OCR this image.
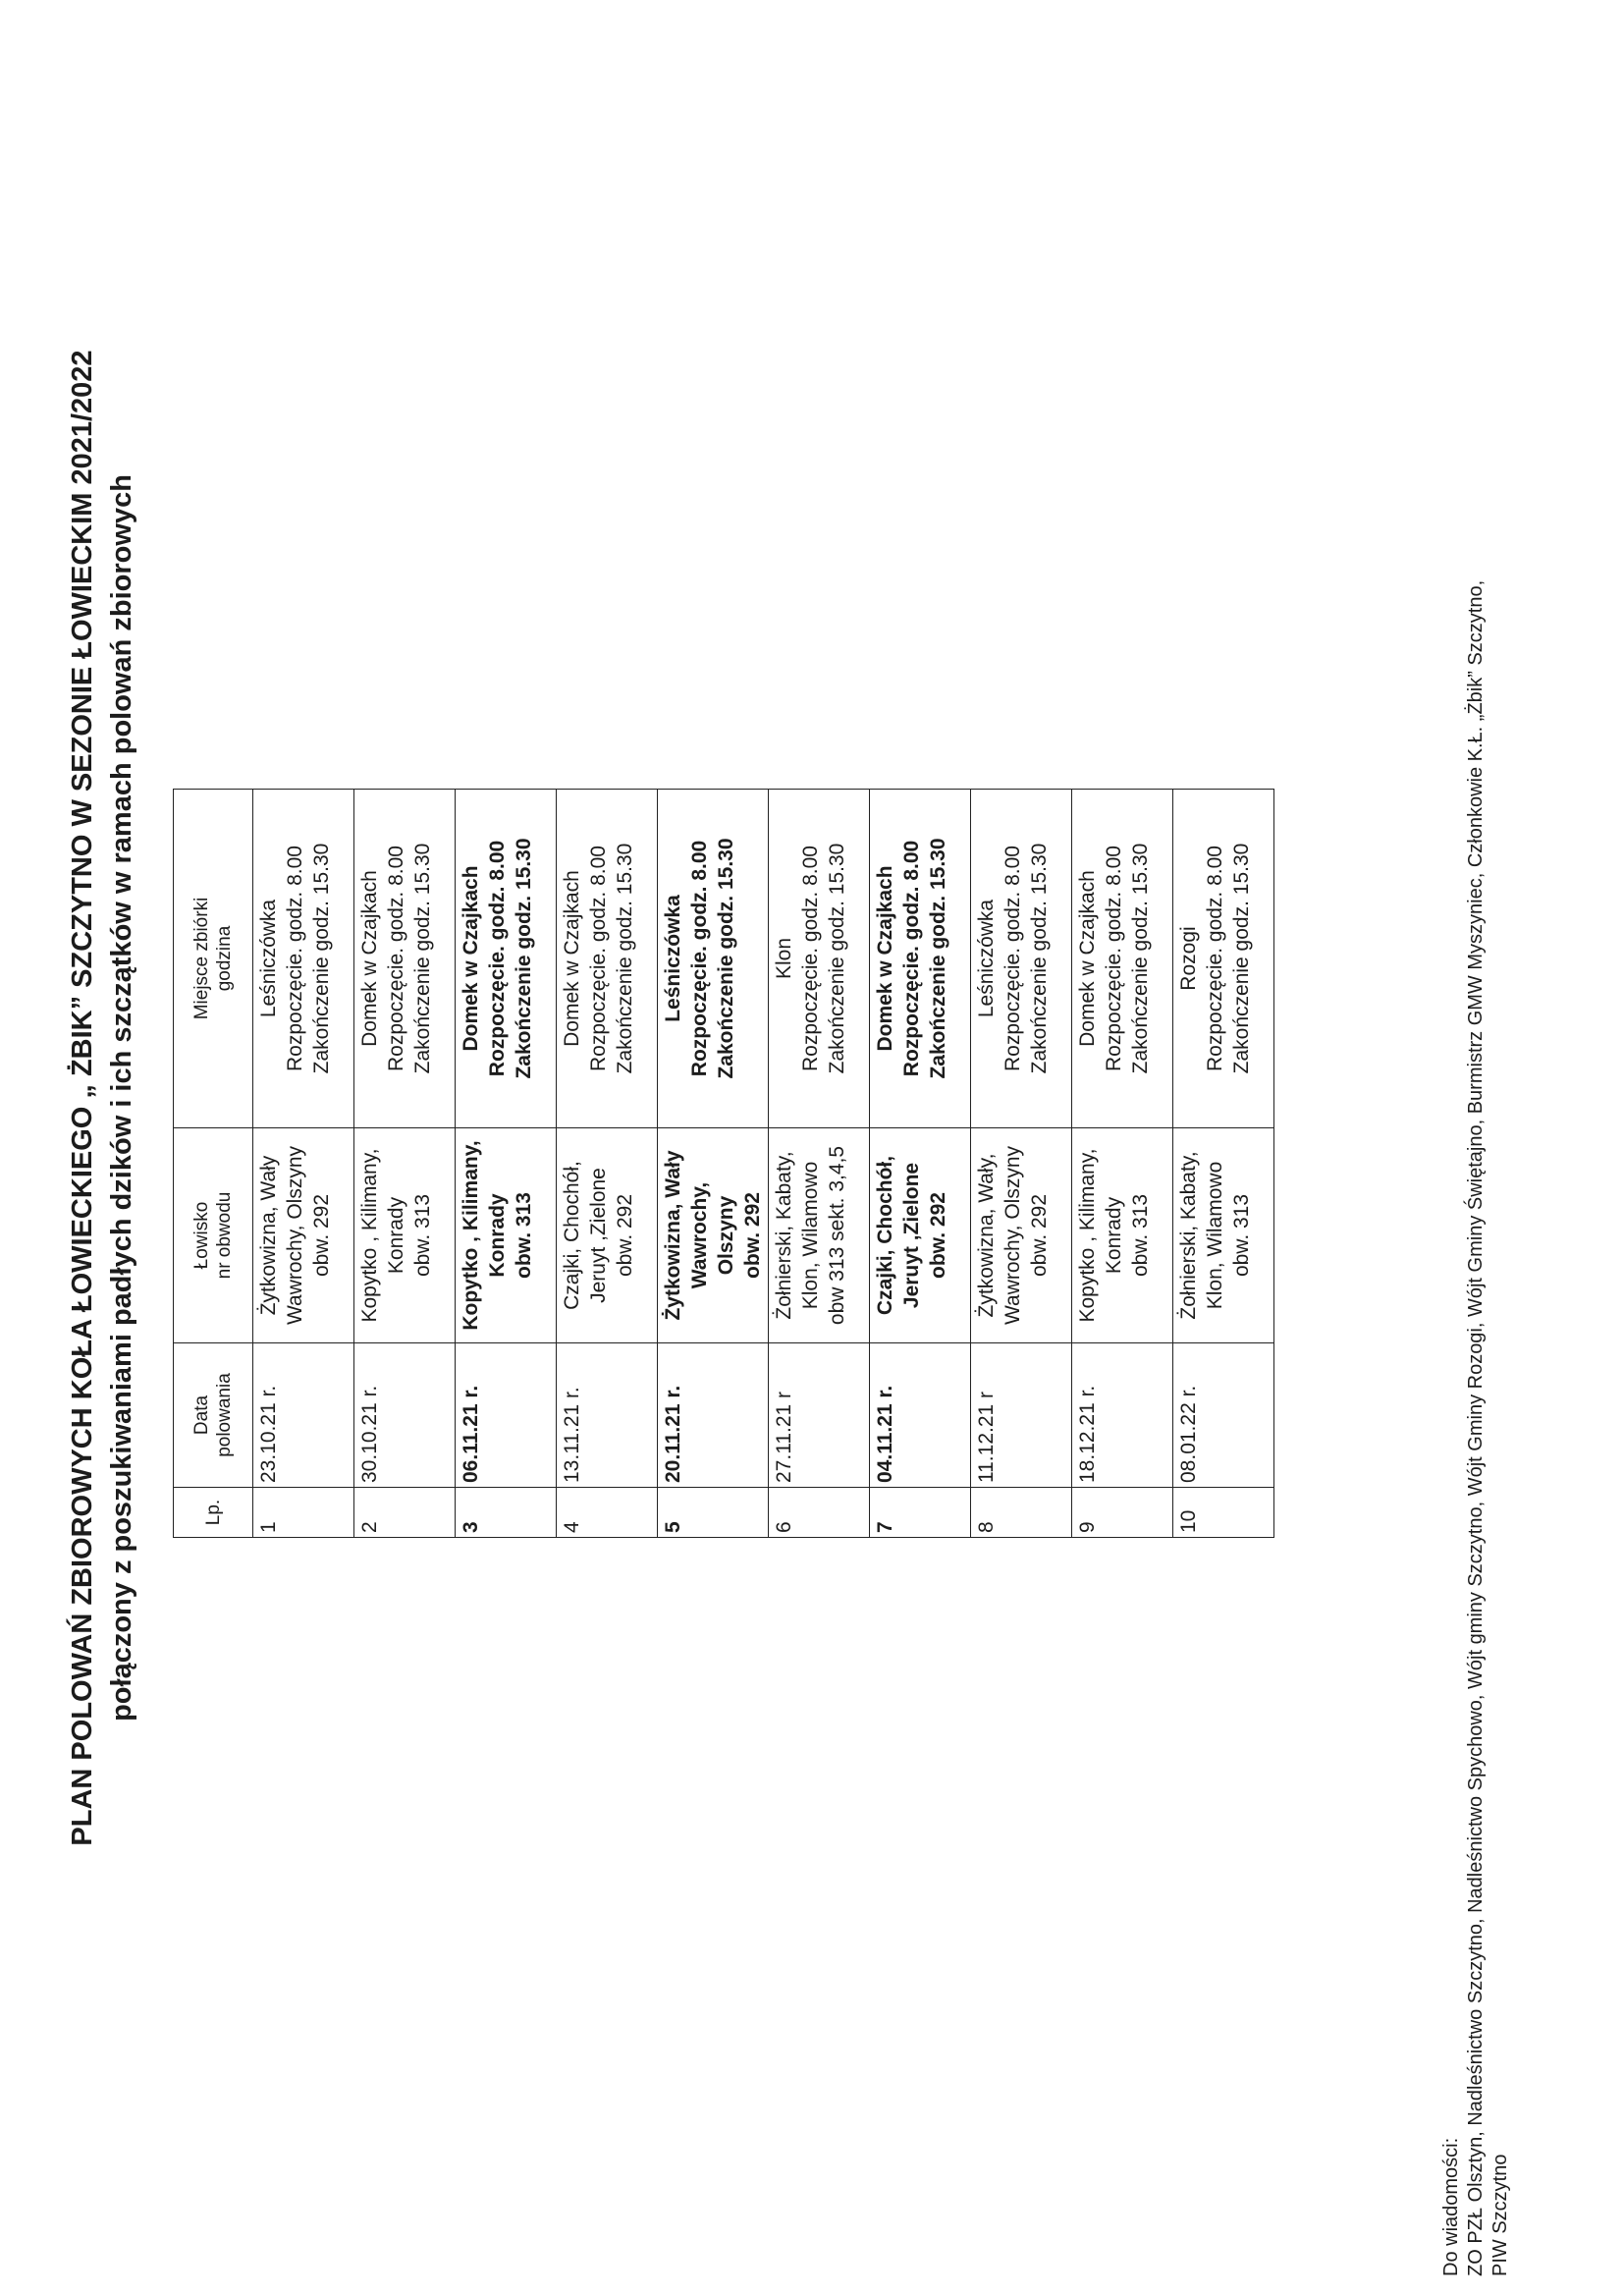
PLAN POLOWAŃ ZBIOROWYCH KOŁA ŁOWIECKIEGO „ ŻBIK” SZCZYTNO W SEZONIE ŁOWIECKIM 2021/2022 połączony z poszukiwaniami padłych dzików i ich szczątków w ramach polowań zbiorowych	Lp.	Data polowania	Łowisko nr obwodu	Miejsce zbiórki godzina

1	23.10.21 r.	Żytkowizna, Wały Wawrochy, Olszyny obw. 292	Leśniczówka Rozpoczęcie. godz. 8.00 Zakończenie godz. 15.30

2	30.10.21 r.	Kopytko , Kilimany, Konrady obw. 313	Domek w Czajkach Rozpoczęcie. godz. 8.00 Zakończenie godz. 15.30

3	06.11.21 r.	Kopytko , Kilimany, Konrady obw. 313	Domek w Czajkach Rozpoczęcie. godz. 8.00 Zakończenie godz. 15.30

4	13.11.21 r.	Czajki, Chochół, Jeruyt ,Zielone obw. 292	Domek w Czajkach Rozpoczęcie. godz. 8.00 Zakończenie godz. 15.30

5	20.11.21 r.	Żytkowizna, Wały Wawrochy, Olszyny obw. 292	Leśniczówka Rozpoczęcie. godz. 8.00 Zakończenie godz. 15.30

6	27.11.21 r	Żołnierski, Kabaty, Klon, Wilamowo obw 313 sekt. 3,4,5	Klon Rozpoczęcie. godz. 8.00 Zakończenie godz. 15.30

7	04.11.21 r.	Czajki, Chochół, Jeruyt ,Zielone obw. 292	Domek w Czajkach Rozpoczęcie. godz. 8.00 Zakończenie godz. 15.30

8	11.12.21 r	Żytkowizna, Wały, Wawrochy, Olszyny obw. 292	Leśniczówka Rozpoczęcie. godz. 8.00 Zakończenie godz. 15.30

9	18.12.21 r.	Kopytko , Kilimany, Konrady obw. 313	Domek w Czajkach Rozpoczęcie. godz. 8.00 Zakończenie godz. 15.30

10	08.01.22 r.	Żołnierski, Kabaty, Klon, Wilamowo obw. 313	Rozogi Rozpoczęcie. godz. 8.00 Zakończenie godz. 15.30
Do wiadomości: ZO PZŁ Olsztyn, Nadleśnictwo Szczytno, Nadleśnictwo Spychowo, Wójt gminy Szczytno, Wójt Gminy Rozogi, Wójt Gminy Świętajno, Burmistrz GMW Myszyniec, Członkowie K.Ł. „Żbik” Szczytno, PIW Szczytno
